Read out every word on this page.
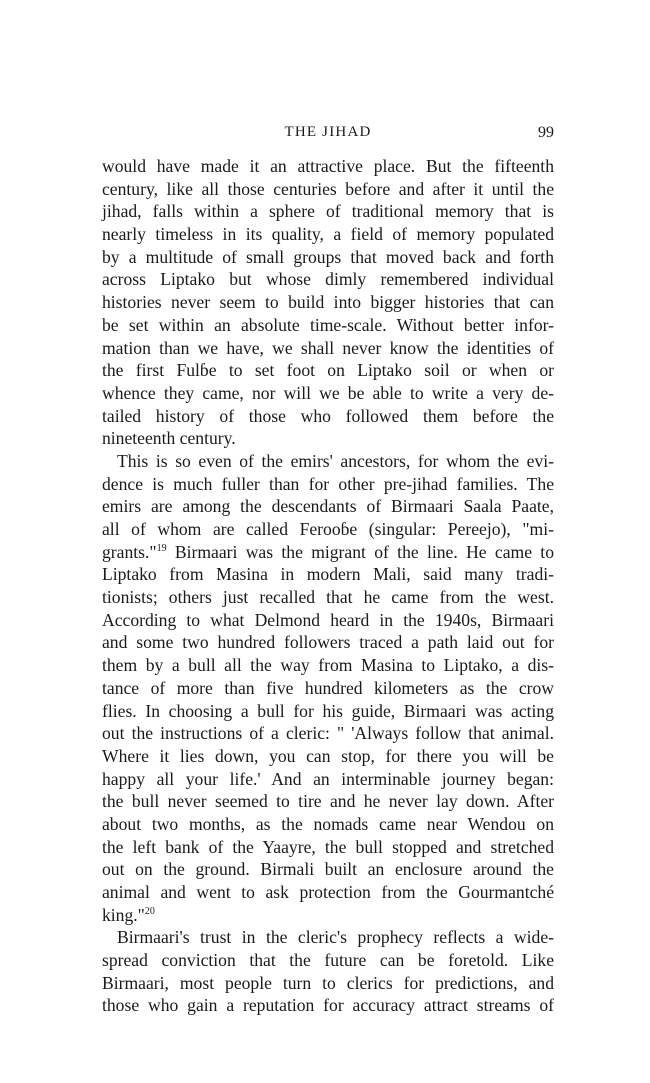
THE JIHAD	99
would have made it an attractive place. But the fifteenth
century, like all those centuries before and after it until the
jihad, falls within a sphere of traditional memory that is
nearly timeless in its quality, a field of memory populated
by a multitude of small groups that moved back and forth
across Liptako but whose dimly remembered individual
histories never seem to build into bigger histories that can
be set within an absolute time-scale. Without better infor-
mation than we have, we shall never know the identities of
the first Fulɓe to set foot on Liptako soil or when or
whence they came, nor will we be able to write a very de-
tailed history of those who followed them before the
nineteenth century.
This is so even of the emirs' ancestors, for whom the evi-
dence is much fuller than for other pre-jihad families. The
emirs are among the descendants of Birmaari Saala Paate,
all of whom are called Ferooɓe (singular: Pereejo), "mi-
grants."$^{19}$ Birmaari was the migrant of the line. He came to
Liptako from Masina in modern Mali, said many tradi-
tionists; others just recalled that he came from the west.
According to what Delmond heard in the 1940s, Birmaari
and some two hundred followers traced a path laid out for
them by a bull all the way from Masina to Liptako, a dis-
tance of more than five hundred kilometers as the crow
flies. In choosing a bull for his guide, Birmaari was acting
out the instructions of a cleric: " 'Always follow that animal.
Where it lies down, you can stop, for there you will be
happy all your life.' And an interminable journey began:
the bull never seemed to tire and he never lay down. After
about two months, as the nomads came near Wendou on
the left bank of the Yaayre, the bull stopped and stretched
out on the ground. Birmali built an enclosure around the
animal and went to ask protection from the Gourmantché
king."$^{20}$
Birmaari's trust in the cleric's prophecy reflects a wide-
spread conviction that the future can be foretold. Like
Birmaari, most people turn to clerics for predictions, and
those who gain a reputation for accuracy attract streams of
